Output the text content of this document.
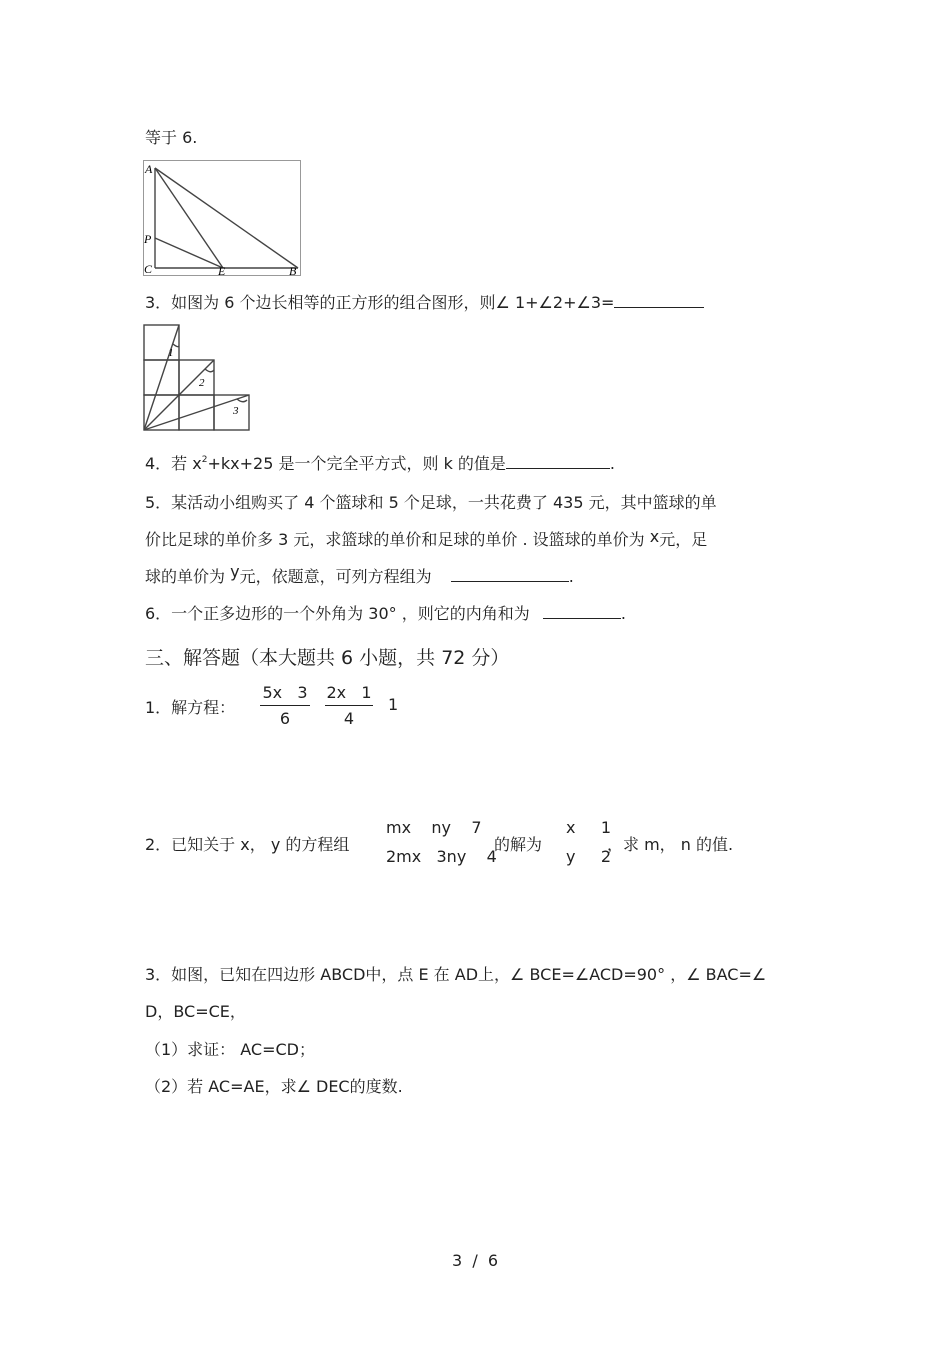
等于 6.
A
P
C	E	B
3．如图为 6 个边长相等的正方形的组合图形，则∠ 1+∠2+∠3=
1
2
3
4．若 $x^2+kx+25$ 是一个完全平方式，则 k 的值是	.
5．某活动小组购买了 4 个篮球和 5 个足球，一共花费了 435 元，其中篮球的单
价比足球的单价多 3 元，求篮球的单价和足球的单价 . 设篮球的单价为 x元，足
球的单价为 y元，依题意，可列方程组为	.
6．一个正多边形的一个外角为 30° ，则它的内角和为	.
三、解答题（本大题共 6 小题，共 72 分）
1．解方程：
5x   3
6
2x   1
4
1
2．已知关于 x， y 的方程组
mx    ny    7
2mx   3ny    4
的解为
x     1
y     2
，求 m， n 的值.
3．如图，已知在四边形 ABCD中，点 E 在 AD上，∠ BCE=∠ACD=90° ，∠ BAC=∠
D，BC=CE，
（1）求证： AC=CD；
（2）若 AC=AE，求∠ DEC的度数.
3  /  6
